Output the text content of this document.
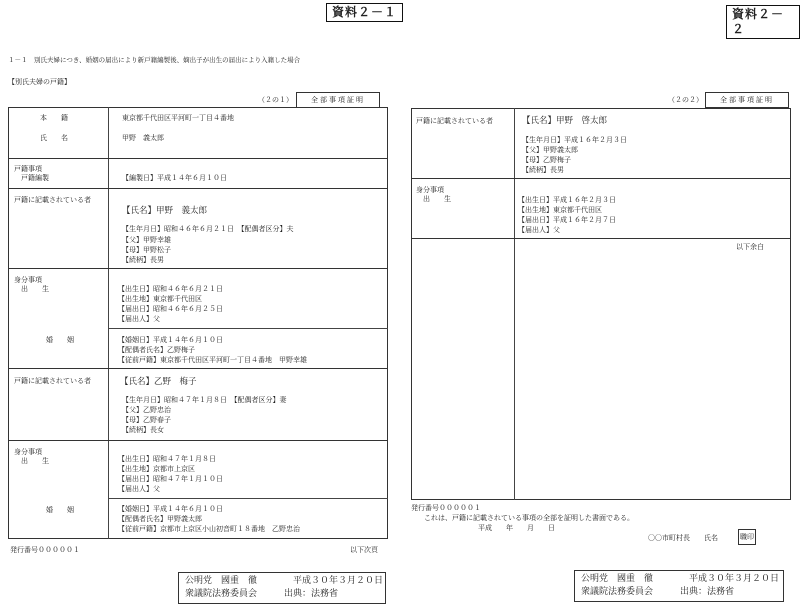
資料２－１	資料２－２
１－１　別氏夫婦につき、婚姻の届出により新戸籍編製後、嫡出子が出生の届出により入籍した場合
【別氏夫婦の戸籍】
（２の１）	全部事項証明
本　　籍	東京都千代田区平河町一丁目４番地
氏　　名	甲野　義太郎
戸籍事項
　戸籍編製	【編製日】平成１４年６月１０日
戸籍に記載されている者
【氏名】甲野　義太郎
【生年月日】昭和４６年６月２１日　【配偶者区分】夫
【父】甲野幸雄
【母】甲野松子
【続柄】長男
身分事項
　出　　生	【出生日】昭和４６年６月２１日
【出生地】東京都千代田区
【届出日】昭和４６年６月２５日
【届出人】父
婚　　姻	【婚姻日】平成１４年６月１０日
【配偶者氏名】乙野梅子
【従前戸籍】東京都千代田区平河町一丁目４番地　甲野幸雄
戸籍に記載されている者	【氏名】乙野　梅子
【生年月日】昭和４７年１月８日　【配偶者区分】妻
【父】乙野忠治
【母】乙野春子
【続柄】長女
身分事項
　出　　生	【出生日】昭和４７年１月８日
【出生地】京都市上京区
【届出日】昭和４７年１月１０日
【届出人】父
婚　　姻	【婚姻日】平成１４年６月１０日
【配偶者氏名】甲野義太郎
【従前戸籍】京都市上京区小山初音町１８番地　乙野忠治
発行番号０００００１	以下次頁
公明党　國重　徹　　　　平成３０年３月２０日
衆議院法務委員会　　　出典：法務省
（２の２）	全部事項証明
戸籍に記載されている者	【氏名】甲野　啓太郎
【生年月日】平成１６年２月３日
【父】甲野義太郎
【母】乙野梅子
【続柄】長男
身分事項
　出　　生	【出生日】平成１６年２月３日
【出生地】東京都千代田区
【届出日】平成１６年２月７日
【届出人】父
以下余白
発行番号０００００１
これは、戸籍に記載されている事項の全部を証明した書面である。
平成　　年　　月　　日
〇〇市町村長　　氏名	職印
公明党　國重　徹　　　　平成３０年３月２０日
衆議院法務委員会　　　出典：法務省
